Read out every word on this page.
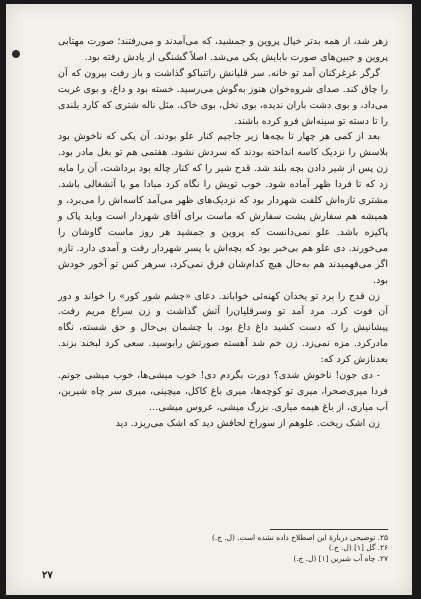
زهر شد، از همه بدتر خیال پروین و جمشید، که می‌آمدند و می‌رفتند؛ صورت مهتابی پروین و جبین‌های صورت بابایش یکی می‌شد. اصلاً گشنگی از یادش رفته بود.

گرگر غرغرکنان آمد تو خانه. سر قلیانش راتنباکو گذاشت و باز رفت بیرون که آن را چاق کند. صدای شروه‌خوان هنوز به‌گوش می‌رسید. خسته بود و داغ، و بوی غربت می‌داد، و بوی دشت باران ندیده، بوی نخل، بوی خاک. مثل ناله شتری که کارد بلندی را تا دسته تو سینه‌اش فرو کرده باشند.

بعد از کمی هر چهار تا بچه‌ها زیر جاجیم کنار علو بودند. آن یکی که ناخوش بود بلاسش را نزدیک کاسه انداخته بودند که سردش نشود. هفتمی هم تو بغل مادر بود. زن پس از شیر دادن بچه بلند شد. قدح شیر را که کنار چاله بود برداشت، آن را مایه زد که تا فردا ظهر آماده شود. خوب تویش را نگاه کرد مبادا مو یا آتشغالی باشد. مشتری تازه‌اش کلفت شهردار بود که نزدیک‌های ظهر می‌آمد کاسه‌اش را می‌برد، و همیشه هم سفارش پشت سفارش که ماست برای آقای شهردار است وباید پاک و پاکیزه باشد. علو نمی‌دانست که پروین و جمشید هر روز ماست گاوشان را می‌خورند. دی علو هم بی‌خبر بود که بچه‌اش با پسر شهردار رفت و آمدی دارد. تازه اگر می‌فهمیدند هم به‌حال هیچ کدام‌شان فرق نمی‌کرد، سرهر کس تو آخور خودش بود.

زن قدح را برد تو یخدان کهنه‌ئی خواباند. دعای «چشم شور کور» را خواند و دور آن فوت کرد. مرد آمد تو وسرقلیان‌را آتش گذاشت و زن سراغ مریم رفت. پیشانیش را که دست کشید داغ داغ بود. با چشمان بی‌حال و حق شسته، نگاه مادرکرد. مزه نمی‌زد. زن خم شد آهسته صورتش رابوسید. سعی کرد لبخند بزند. بعدنازش کرد که:

- دی جون! ناخوش شدی؟ دورت بگردم دی! خوب میشی‌ها، خوب میشی جونم. فردا میری‌صحرا، میری تو کوچه‌ها، میری باغ کاکل، میچینی، میری سر چاه شیرین، آب میاری، از باغ هیمه میاری. بزرگ میشی، عروس میشی…

زن اشک ریخت. علوهم از سوراخ لحافش دید که اشک می‌ریزد. دید

۲۵. توضیحی دربارهٔ این اصطلاح داده نشده است. (ل. ج.)

۲۶. گل [۱] (ل. ج.)

۲۷. چاه آب شیرین [۱] (ل. ج.)

۲۷
